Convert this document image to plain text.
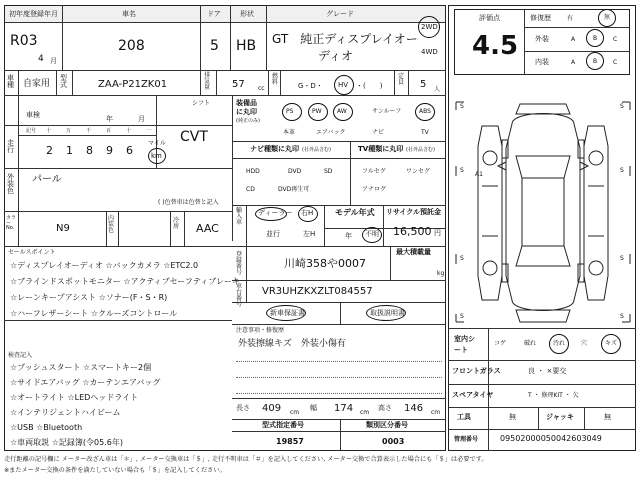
初年度登録年月
R03
4 月
車名
208
ドア
5
形状
HB
グレード
GT　純正ディスプレイオー
ディオ
2WD
4WD
車種 自家用
型式	ZAA-P21ZK01
排気量 57 cc
燃料	G・D・ HV ・(　　)
定員 5 人
車検	年	月
シフト
CVT
走行
記号 十	万	千	百	十	一
2 1 8 9 6
マイル
km
装備品に丸印
(純正のみ)
PS	PW	AW	サンルーフ	ABS
本革	エアバック	ナビ	TV
ナビ種類に丸印 (社外品含む)
HDD	DVD	SD
CD	DVD再生可
TV種類に丸印 (社外品含む)
フルセグ	ワンセグ
アナログ
外装色
パール
( )色替車は色替と記入
カラーNo.	N9
内装色
冷房 AAC
輸入車
ディーラー 右H
並行	左H
モデル年式
年 不明
リサイクル預託金
16,500 円
セールスポイント
☆ディスプレイオーディオ ☆バックカメラ ☆ETC2.0
☆ブラインドスポットモニター ☆アクティブセーフティブレーキ
☆レーンキープアシスト ☆ソナー(F・S・R)
☆ハーフレザーシート ☆クルーズコントロール
登録番号
川崎358や0007
最大積載量
kg
車台番号
VR3UHZKXZLT084557
新車保証書	取扱説明書
注意事項・修復歴
外装擦線キズ　外装小傷有
検査記入
☆プッシュスタート ☆スマートキー2個
☆サイドエアバッグ ☆カーテンエアバッグ
☆オートライト ☆LEDヘッドライト
☆インテリジェントハイビーム
☆USB ☆Bluetooth
☆車両取説 ☆記録簿(令05.6年)
長さ 409 cm
幅 174 cm
高さ 146 cm
型式指定番号
19857
類別区分番号
0003
評価点
4.5
修復歴	有	無
外装	A	B	C
内装	A	B	C
S	S
S	S
S	S
S	S
A1
室内シート
コゲ	破れ	汚れ	穴	キズ
フロントガラス	良 ・ ×要交
スペアタイヤ	T ・ 修理KIT ・ 欠
工具	無	ジャッキ	無
管理番号	09502000050042603049
走行距離の記号欄に メーター改ざん車は「＊」, メーター交換車は「＄」, 走行不明車は「＃」を記入してください, メーター交換で合算表示した場合にも「＄」は必要です。
※またメーター交換の条件を満たしていない場合も「＄」を記入してください。
